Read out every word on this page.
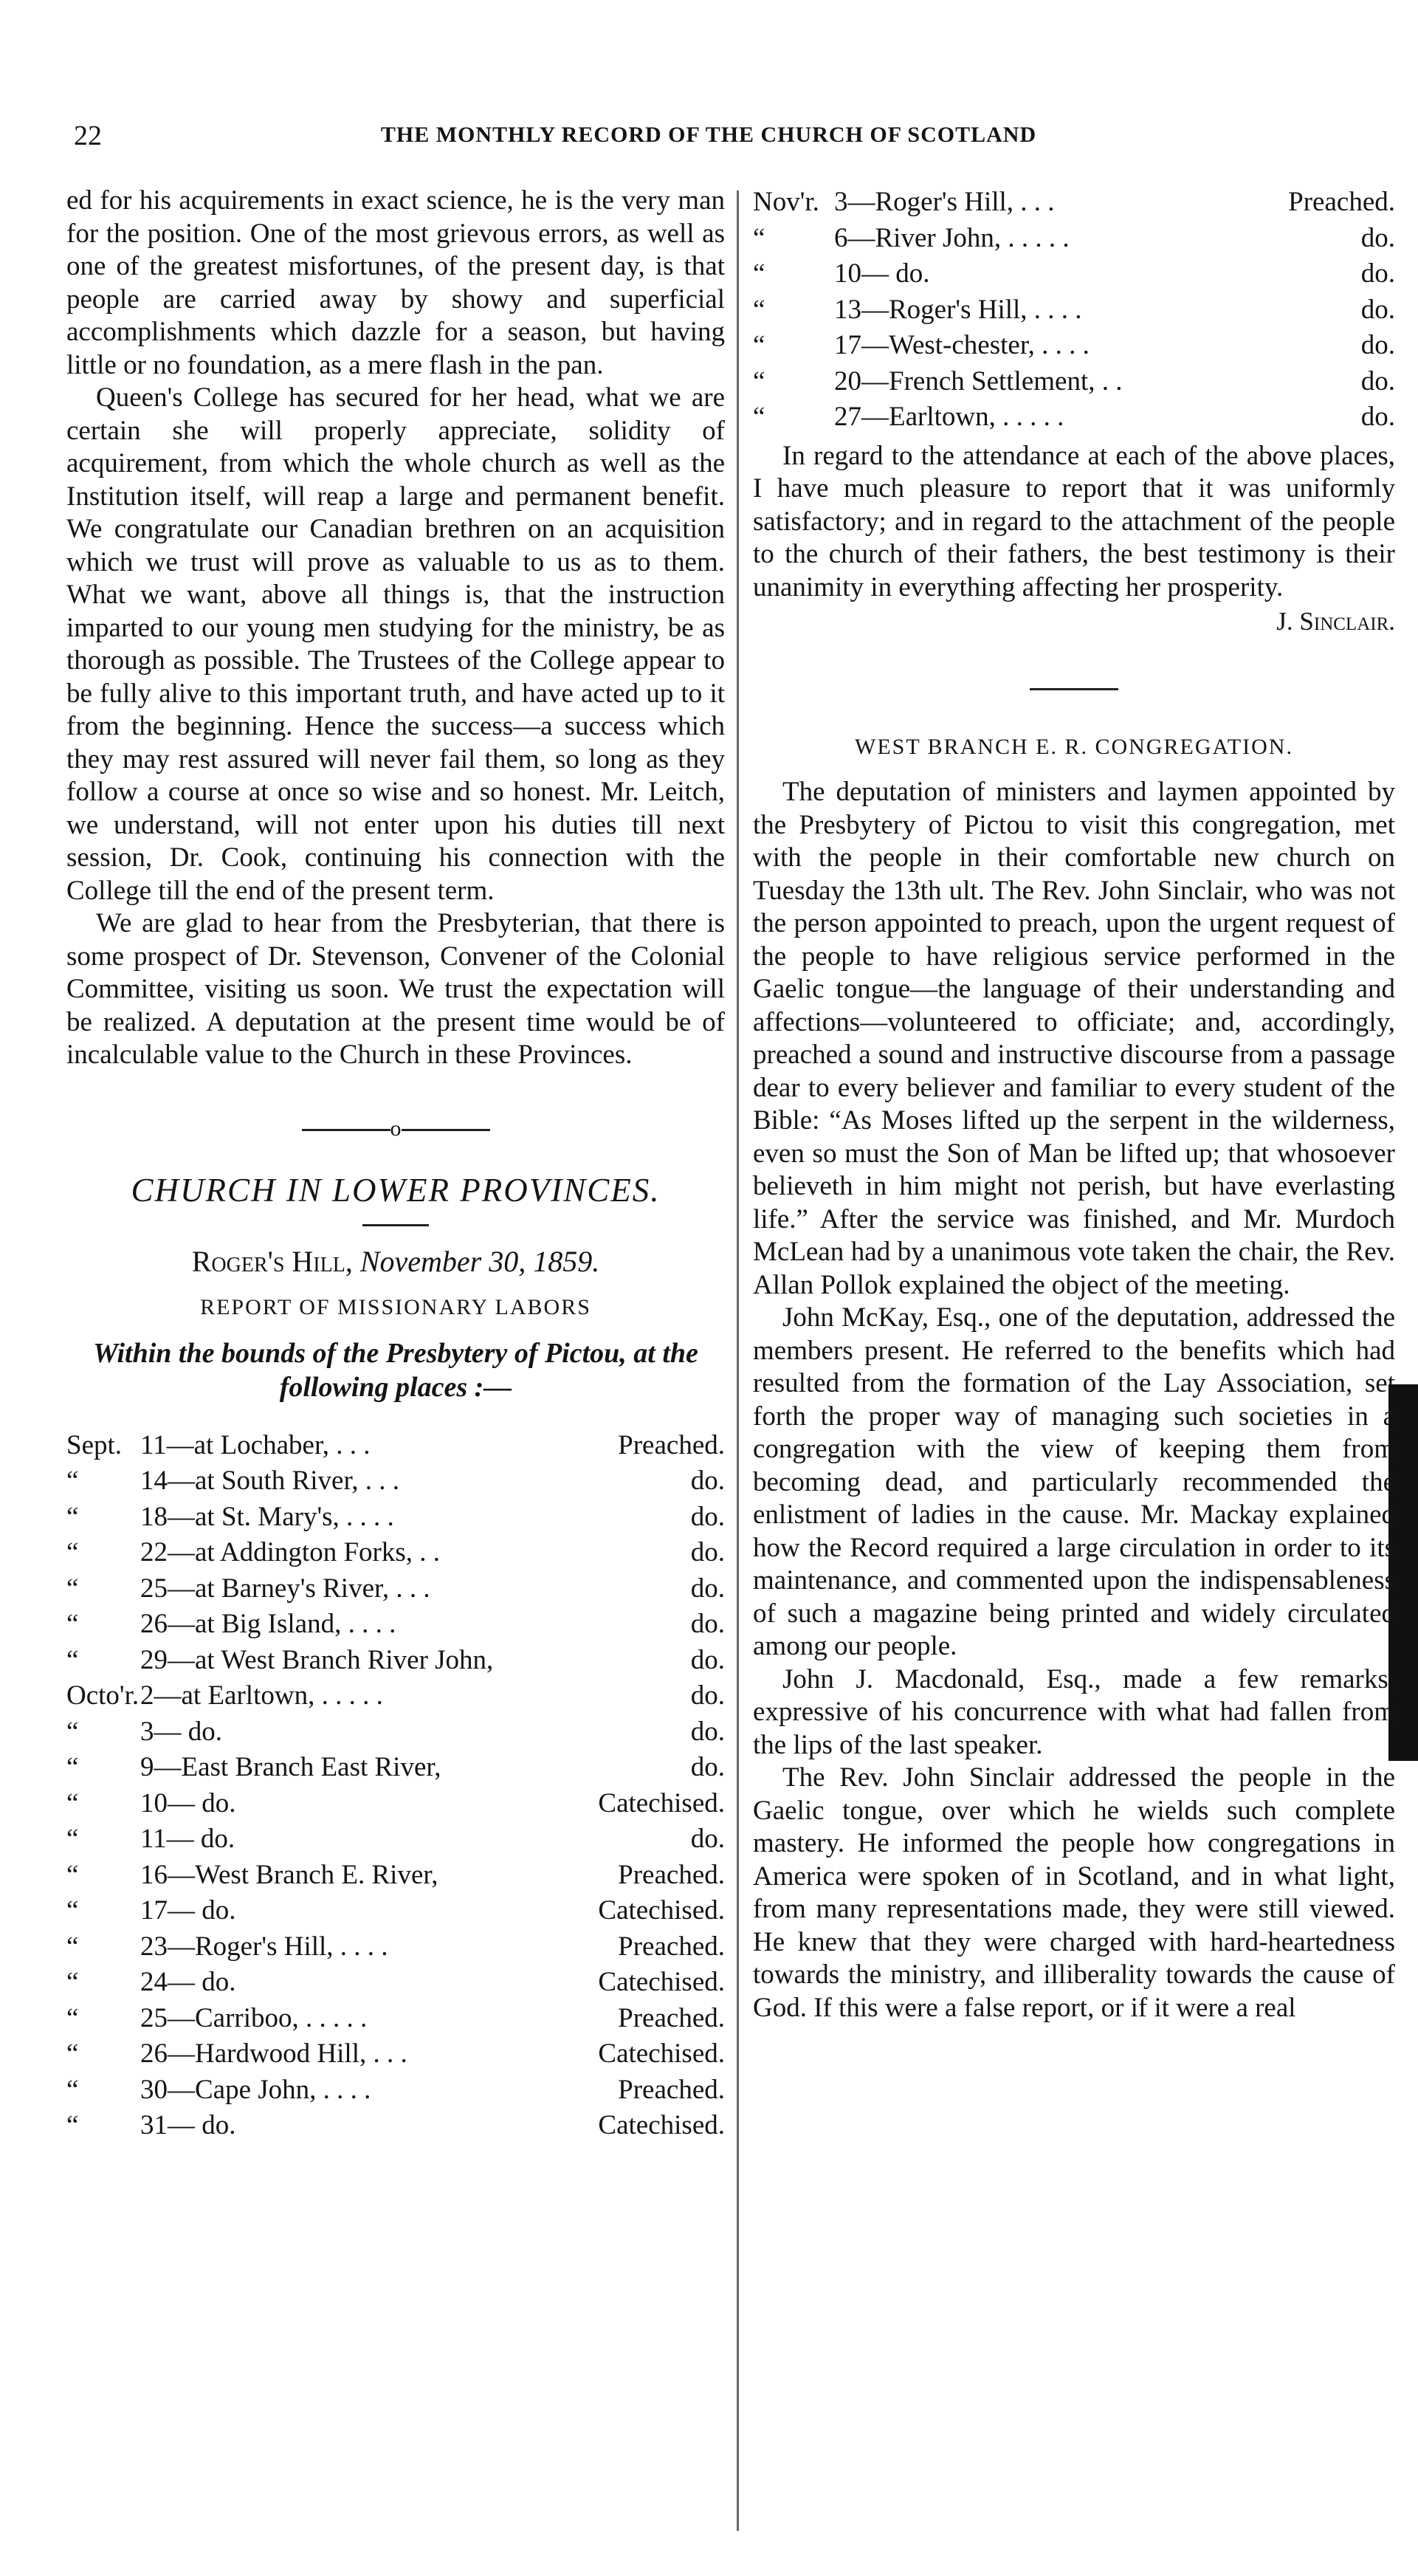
22	THE MONTHLY RECORD OF THE CHURCH OF SCOTLAND

ed for his acquirements in exact science, he is the very man for the position. One of the most grievous errors, as well as one of the greatest misfortunes, of the present day, is that people are carried away by showy and superficial accomplishments which dazzle for a season, but having little or no foundation, as a mere flash in the pan.

Queen's College has secured for her head, what we are certain she will properly appreciate, solidity of acquirement, from which the whole church as well as the Institution itself, will reap a large and permanent benefit. We congratulate our Canadian brethren on an acquisition which we trust will prove as valuable to us as to them. What we want, above all things is, that the instruction imparted to our young men studying for the ministry, be as thorough as possible. The Trustees of the College appear to be fully alive to this important truth, and have acted up to it from the beginning. Hence the success—a success which they may rest assured will never fail them, so long as they follow a course at once so wise and so honest. Mr. Leitch, we understand, will not enter upon his duties till next session, Dr. Cook, continuing his connection with the College till the end of the present term.

We are glad to hear from the Presbyterian, that there is some prospect of Dr. Stevenson, Convener of the Colonial Committee, visiting us soon. We trust the expectation will be realized. A deputation at the present time would be of incalculable value to the Church in these Provinces.

o
CHURCH IN LOWER PROVINCES.
Roger's Hill, November 30, 1859.
REPORT OF MISSIONARY LABORS
Within the bounds of the Presbytery of Pictou, at the following places :—
Sept. 11—at Lochaber, . . .	Preached.
“	14—at South River, . . .	do.
“	18—at St. Mary's, . . . .	do.
“	22—at Addington Forks, . .	do.
“	25—at Barney's River, . . .	do.
“	26—at Big Island, . . . .	do.
“	29—at West Branch River John,	do.
Octo'r. 2—at Earltown, . . . . .	do.
“	3— do.	do.
“	9—East Branch East River,	do.
“	10— do.	Catechised.
“	11— do.	do.
“	16—West Branch E. River,	Preached.
“	17— do.	Catechised.
“	23—Roger's Hill, . . . .	Preached.
“	24— do.	Catechised.
“	25—Carriboo, . . . . .	Preached.
“	26—Hardwood Hill, . . .	Catechised.
“	30—Cape John, . . . .	Preached.
“	31— do.	Catechised.
Nov'r. 3—Roger's Hill, . . .	Preached.
“	6—River John, . . . . .	do.
“	10— do.	do.
“	13—Roger's Hill, . . . .	do.
“	17—West-chester, . . . .	do.
“	20—French Settlement, . .	do.
“	27—Earltown, . . . . .	do.

In regard to the attendance at each of the above places, I have much pleasure to report that it was uniformly satisfactory; and in regard to the attachment of the people to the church of their fathers, the best testimony is their unanimity in everything affecting her prosperity.

J. Sinclair.
WEST BRANCH E. R. CONGREGATION.

The deputation of ministers and laymen appointed by the Presbytery of Pictou to visit this congregation, met with the people in their comfortable new church on Tuesday the 13th ult. The Rev. John Sinclair, who was not the person appointed to preach, upon the urgent request of the people to have religious service performed in the Gaelic tongue—the language of their understanding and affections—volunteered to officiate; and, accordingly, preached a sound and instructive discourse from a passage dear to every believer and familiar to every student of the Bible: “As Moses lifted up the serpent in the wilderness, even so must the Son of Man be lifted up; that whosoever believeth in him might not perish, but have everlasting life.” After the service was finished, and Mr. Murdoch McLean had by a unanimous vote taken the chair, the Rev. Allan Pollok explained the object of the meeting.

John McKay, Esq., one of the deputation, addressed the members present. He referred to the benefits which had resulted from the formation of the Lay Association, set forth the proper way of managing such societies in a congregation with the view of keeping them from becoming dead, and particularly recommended the enlistment of ladies in the cause. Mr. Mackay explained how the Record required a large circulation in order to its maintenance, and commented upon the indispensableness of such a magazine being printed and widely circulated among our people.

John J. Macdonald, Esq., made a few remarks, expressive of his concurrence with what had fallen from the lips of the last speaker.

The Rev. John Sinclair addressed the people in the Gaelic tongue, over which he wields such complete mastery. He informed the people how congregations in America were spoken of in Scotland, and in what light, from many representations made, they were still viewed. He knew that they were charged with hard-heartedness towards the ministry, and illiberality towards the cause of God. If this were a false report, or if it were a real
